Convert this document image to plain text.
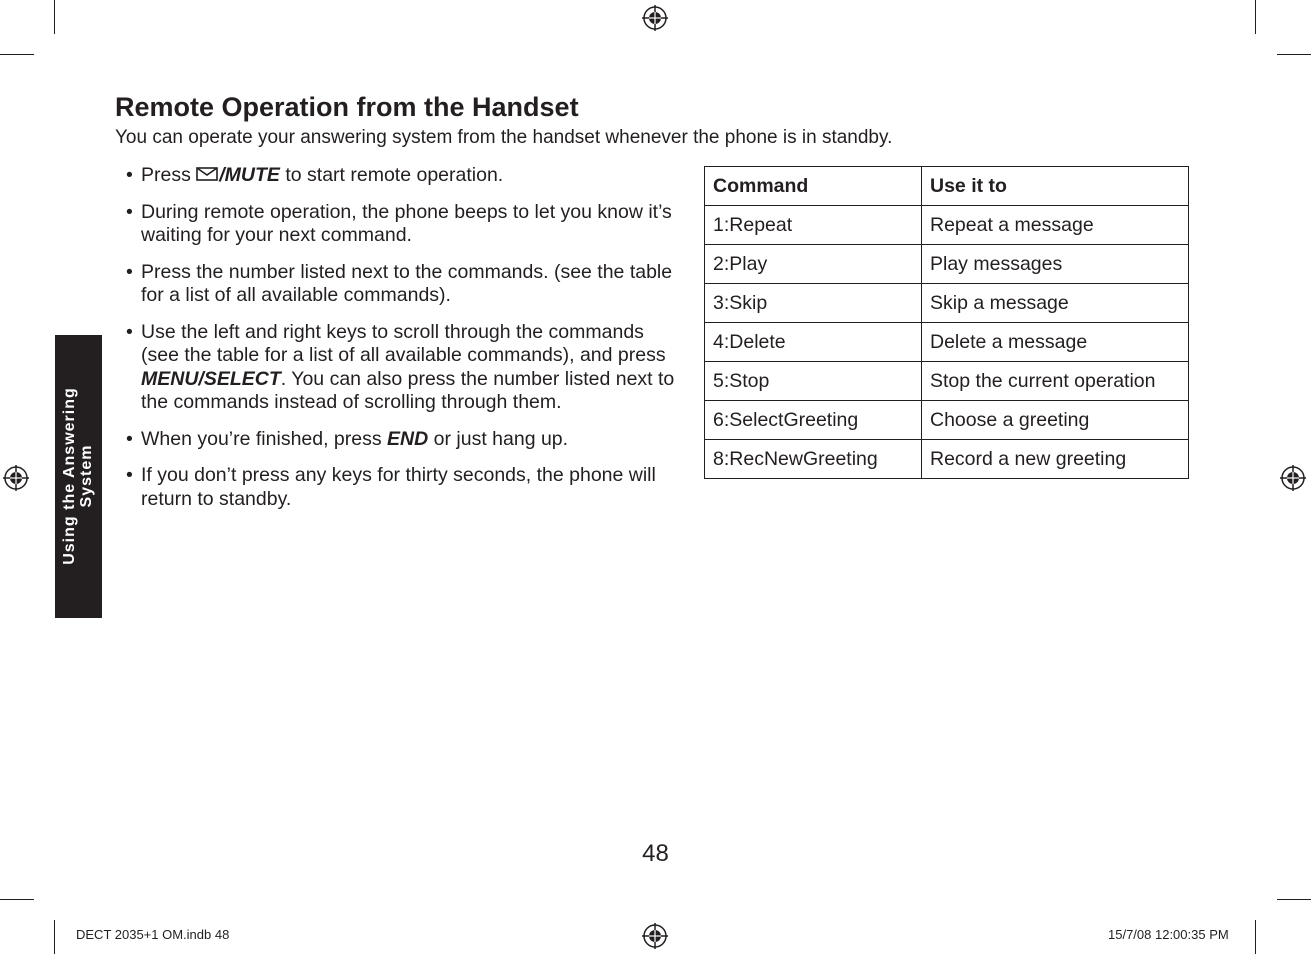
Using the Answering System
Remote Operation from the Handset

You can operate your answering system from the handset whenever the phone is in standby.

• Press /MUTE to start remote operation.
• During remote operation, the phone beeps to let you know it’s waiting for your next command.
• Press the number listed next to the commands. (see the table for a list of all available commands).
• Use the left and right keys to scroll through the commands (see the table for a list of all available commands), and press MENU/SELECT. You can also press the number listed next to the commands instead of scrolling through them.
• When you’re finished, press END or just hang up.
• If you don’t press any keys for thirty seconds, the phone will return to standby.
Command	Use it to
1:Repeat	Repeat a message
2:Play	Play messages
3:Skip	Skip a message
4:Delete	Delete a message
5:Stop	Stop the current operation
6:SelectGreeting	Choose a greeting
8:RecNewGreeting	Record a new greeting
48
DECT 2035+1 OM.indb 48	15/7/08 12:00:35 PM
